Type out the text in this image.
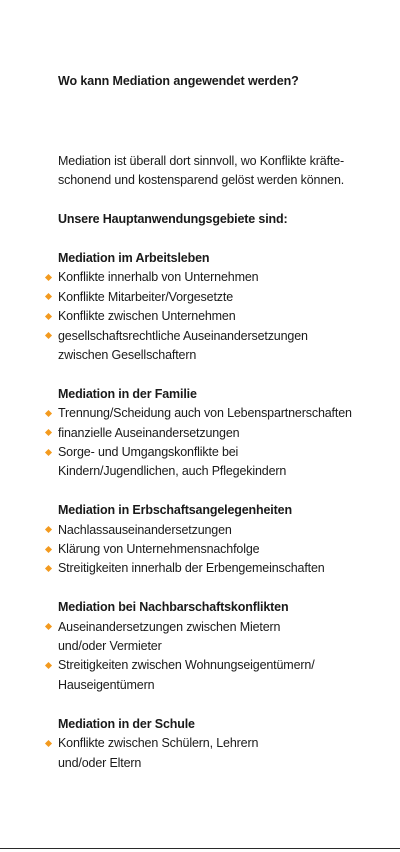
Wo kann Mediation angewendet werden?

Mediation ist überall dort sinnvoll, wo Konflikte kräfte-
schonend und kostensparend gelöst werden können.

Unsere Hauptanwendungsgebiete sind:

Mediation im Arbeitsleben
Konflikte innerhalb von Unternehmen
Konflikte Mitarbeiter/Vorgesetzte
Konflikte zwischen Unternehmen
gesellschaftsrechtliche Auseinandersetzungen
zwischen Gesellschaftern
Mediation in der Familie
Trennung/Scheidung auch von Lebenspartnerschaften
finanzielle Auseinandersetzungen
Sorge- und Umgangskonflikte bei
Kindern/Jugendlichen, auch Pflegekindern
Mediation in Erbschaftsangelegenheiten
Nachlassauseinandersetzungen
Klärung von Unternehmensnachfolge
Streitigkeiten innerhalb der Erbengemeinschaften
Mediation bei Nachbarschaftskonflikten
Auseinandersetzungen zwischen Mietern
und/oder Vermieter
Streitigkeiten zwischen Wohnungseigentümern/
Hauseigentümern
Mediation in der Schule
Konflikte zwischen Schülern, Lehrern
und/oder Eltern
